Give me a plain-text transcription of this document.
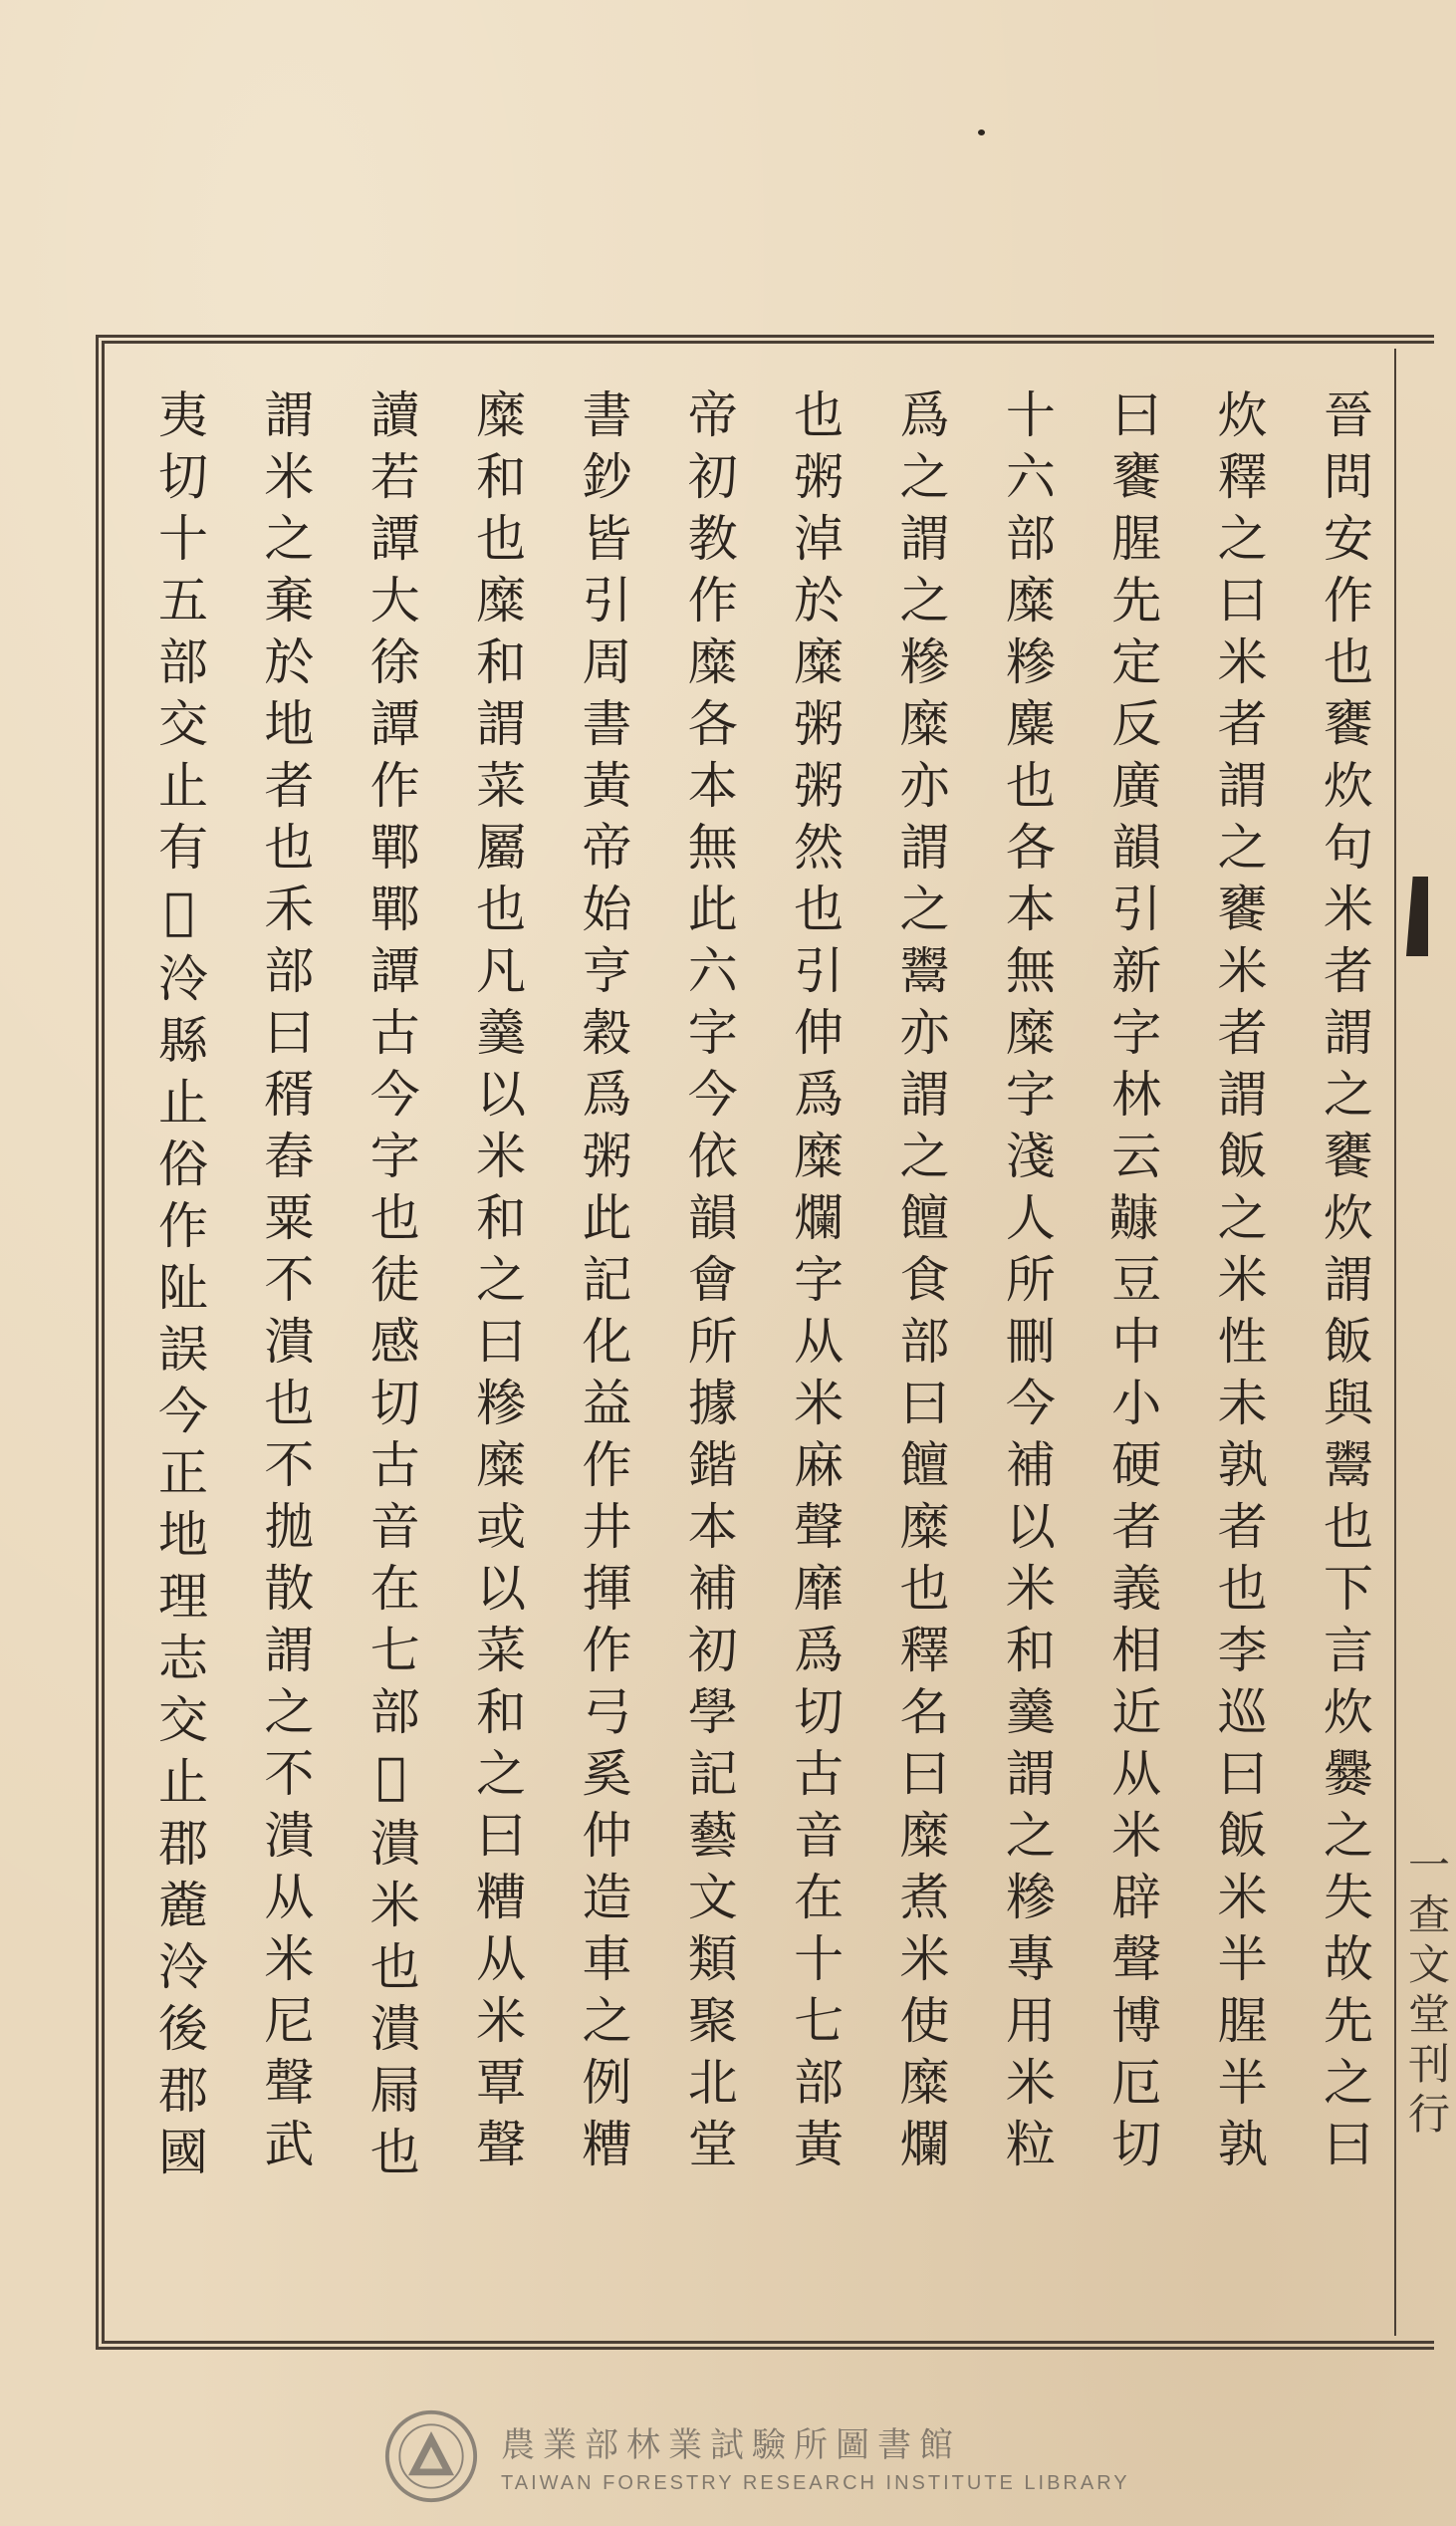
晉問安作也饔炊句米者謂之饔炊謂飯與鬻也下言炊爨之失故先之曰
炊釋之曰米者謂之饔米者謂飯之米性未孰者也李巡曰飯米半腥半孰
曰饔腥先定反廣韻引新字林云𪏢豆中小硬者義相近从米辟聲博厄切
十六部糜糝麋也各本無糜字淺人所刪今補以米和羹謂之糝專用米粒
爲之謂之糝糜亦謂之鬻亦謂之饘食部曰饘糜也釋名曰糜煮米使糜爛
也粥淖於糜粥粥然也引伸爲糜爛字从米麻聲靡爲切古音在十七部黃
帝初教作糜各本無此六字今依韻會所據鍇本補初學記藝文類聚北堂
書鈔皆引周書黃帝始亨穀爲粥此記化益作井揮作弓奚仲造車之例糟
糜和也糜和謂菜屬也凡羹以米和之曰糝糜或以菜和之曰糟从米覃聲
讀若譚大徐譚作鄲鄲譚古今字也徒感切古音在七部𥽉潰米也潰屚也
謂米之棄於地者也禾部曰稰舂粟不潰也不拋散謂之不潰从米尼聲武
夷切十五部交止有𥽉泠縣止俗作阯誤今正地理志交止郡麊泠後郡國	一查文堂刊行
農業部林業試驗所圖書館
TAIWAN FORESTRY RESEARCH INSTITUTE LIBRARY
